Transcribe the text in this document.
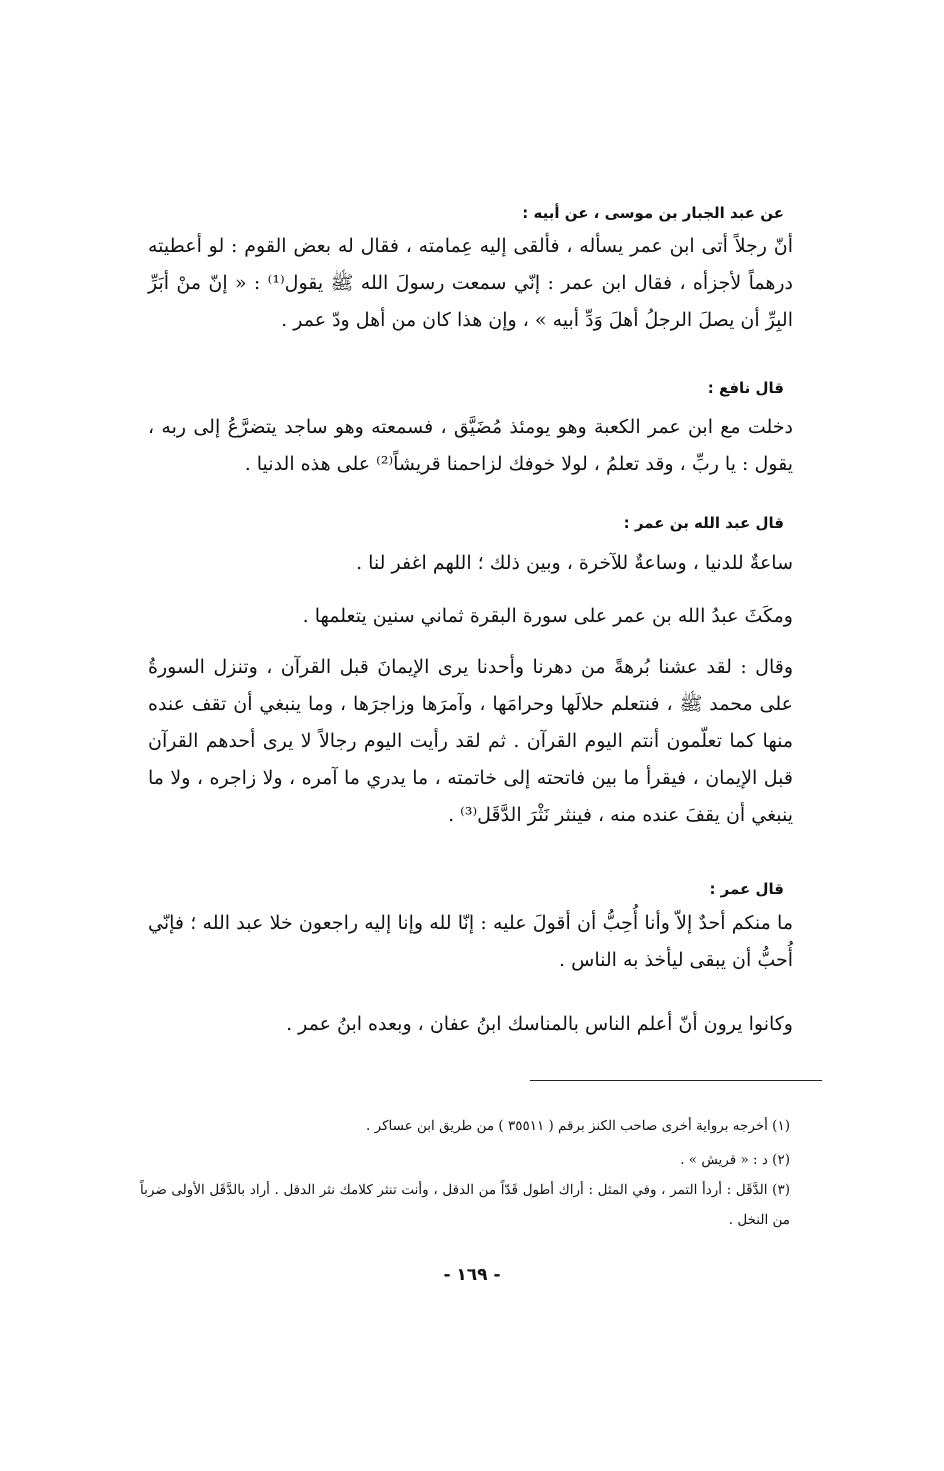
عن عبد الجبار بن موسى ، عن أبيه :
أنّ رجلاً أتى ابن عمر يسأله ، فألقى إليه عِمامته ، فقال له بعض القوم : لو أعطيته درهماً لأجزأه ، فقال ابن عمر : إنّي سمعت رسولَ الله ﷺ يقول⁽¹⁾ : « إنّ منْ أبَرِّ البِرِّ أن يصلَ الرجلُ أهلَ وَدِّ أبيه » ، وإن هذا كان من أهل ودّ عمر .
قال نافع :
دخلت مع ابن عمر الكعبة وهو يومئذ مُضَيَّق ، فسمعته وهو ساجد يتضرَّعُ إلى ربه ، يقول : يا ربِّ ، وقد تعلمُ ، لولا خوفك لزاحمنا قريشاً⁽²⁾ على هذه الدنيا .
قال عبد الله بن عمر :
ساعةٌ للدنيا ، وساعةٌ للآخرة ، وبين ذلك ؛ اللهم اغفر لنا .
ومكَثَ عبدُ الله بن عمر على سورة البقرة ثماني سنين يتعلمها .
وقال : لقد عشنا بُرهةً من دهرنا وأحدنا يرى الإيمانَ قبل القرآن ، وتنزل السورةُ على محمد ﷺ ، فنتعلم حلالَها وحرامَها ، وآمرَها وزاجرَها ، وما ينبغي أن تقف عنده منها كما تعلّمون أنتم اليوم القرآن . ثم لقد رأيت اليوم رجالاً لا يرى أحدهم القرآن قبل الإيمان ، فيقرأ ما بين فاتحته إلى خاتمته ، ما يدري ما آمره ، ولا زاجره ، ولا ما ينبغي أن يقفَ عنده منه ، فينثر نَثْرَ الدَّقَل⁽³⁾ .
قال عمر :
ما منكم أحدٌ إلاّ وأنا أُحِبُّ أن أقولَ عليه : إنّا لله وإنا إليه راجعون خلا عبد الله ؛ فإنّي أُحبُّ أن يبقى ليأخذ به الناس .
وكانوا يرون أنّ أعلم الناس بالمناسك ابنُ عفان ، وبعده ابنُ عمر .
(١) أخرجه برواية أخرى صاحب الكنز برقم ( ٣٥٥١١ ) من طريق ابن عساكر .
(٢) د : « قريش » .
(٣) الدَّقَل : أردأ التمر ، وفي المثل : أراك أطول قَدّاً من الدقل ، وأنت تنثر كلامك نثر الدقل . أراد بالدَّقَل الأولى ضرباً من النخل .
- ١٦٩ -
